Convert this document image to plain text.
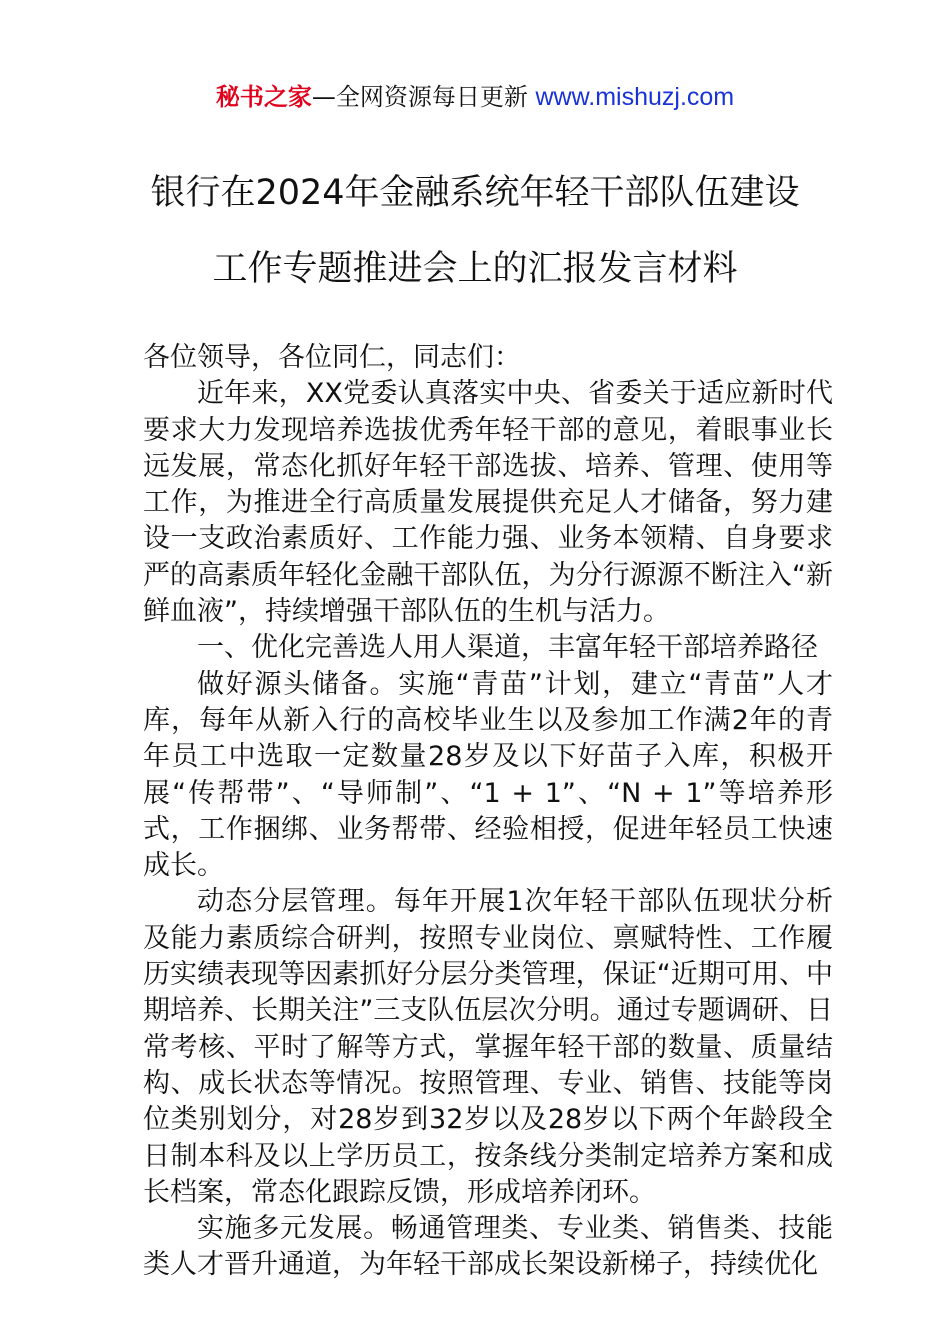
秘书之家—全网资源每日更新 www.mishuzj.com
银行在2024年金融系统年轻干部队伍建设
工作专题推进会上的汇报发言材料

各位领导，各位同仁，同志们：

近年来，XX党委认真落实中央、省委关于适应新时代要求大力发现培养选拔优秀年轻干部的意见，着眼事业长远发展，常态化抓好年轻干部选拔、培养、管理、使用等工作，为推进全行高质量发展提供充足人才储备，努力建设一支政治素质好、工作能力强、业务本领精、自身要求严的高素质年轻化金融干部队伍，为分行源源不断注入“新鲜血液”，持续增强干部队伍的生机与活力。

一、优化完善选人用人渠道，丰富年轻干部培养路径

做好源头储备。实施“青苗”计划，建立“青苗”人才库，每年从新入行的高校毕业生以及参加工作满2年的青年员工中选取一定数量28岁及以下好苗子入库，积极开展“传帮带”、“导师制”、“1 + 1”、“N + 1”等培养形式，工作捆绑、业务帮带、经验相授，促进年轻员工快速成长。

动态分层管理。每年开展1次年轻干部队伍现状分析及能力素质综合研判，按照专业岗位、禀赋特性、工作履历实绩表现等因素抓好分层分类管理，保证“近期可用、中期培养、长期关注”三支队伍层次分明。通过专题调研、日常考核、平时了解等方式，掌握年轻干部的数量、质量结构、成长状态等情况。按照管理、专业、销售、技能等岗位类别划分，对28岁到32岁以及28岁以下两个年龄段全日制本科及以上学历员工，按条线分类制定培养方案和成长档案，常态化跟踪反馈，形成培养闭环。

实施多元发展。畅通管理类、专业类、销售类、技能类人才晋升通道，为年轻干部成长架设新梯子，持续优化
